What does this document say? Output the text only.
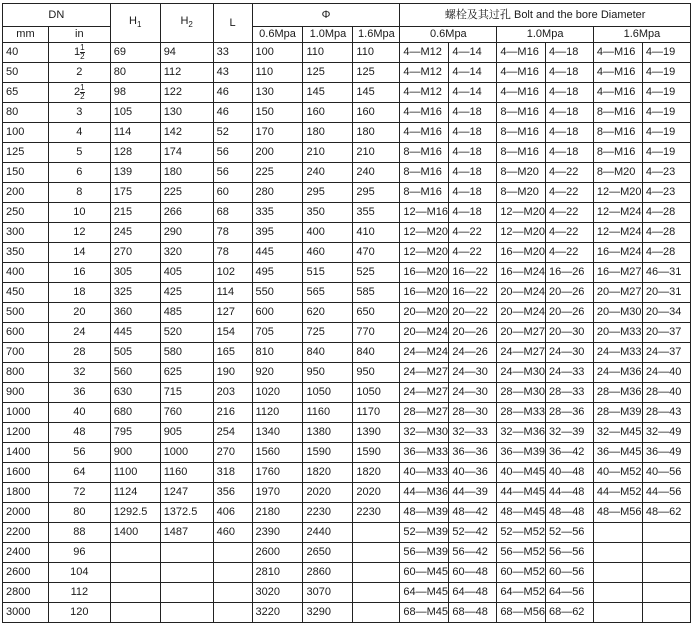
DN		$H_1$	$H_2$	L	Φ			螺栓及其过孔 Bolt and the bore Diameter					
mm	in				0.6Mpa	1.0Mpa	1.6Mpa	0.6Mpa		1.0Mpa		1.6Mpa	
40	$1 \frac{1}{2}$	69	94	33	100	110	110	4—M12	4—14	4—M16	4—18	4—M16	4—19
50	2	80	112	43	110	125	125	4—M12	4—14	4—M16	4—18	4—M16	4—19
65	$2 \frac{1}{2}$	98	122	46	130	145	145	4—M12	4—14	4—M16	4—18	4—M16	4—19
80	3	105	130	46	150	160	160	4—M16	4—18	8—M16	4—18	8—M16	4—19
100	4	114	142	52	170	180	180	4—M16	4—18	8—M16	4—18	8—M16	4—19
125	5	128	174	56	200	210	210	8—M16	4—18	8—M16	4—18	8—M16	4—19
150	6	139	180	56	225	240	240	8—M16	4—18	8—M20	4—22	8—M20	4—23
200	8	175	225	60	280	295	295	8—M16	4—18	8—M20	4—22	12—M20	4—23
250	10	215	266	68	335	350	355	12—M16	4—18	12—M20	4—22	12—M24	4—28
300	12	245	290	78	395	400	410	12—M20	4—22	12—M20	4—22	12—M24	4—28
350	14	270	320	78	445	460	470	12—M20	4—22	16—M20	4—22	16—M24	4—28
400	16	305	405	102	495	515	525	16—M20	16—22	16—M24	16—26	16—M27	46—31
450	18	325	425	114	550	565	585	16—M20	16—22	20—M24	20—26	20—M27	20—31
500	20	360	485	127	600	620	650	20—M20	20—22	20—M24	20—26	20—M30	20—34
600	24	445	520	154	705	725	770	20—M24	20—26	20—M27	20—30	20—M33	20—37
700	28	505	580	165	810	840	840	24—M24	24—26	24—M27	24—30	24—M33	24—37
800	32	560	625	190	920	950	950	24—M27	24—30	24—M30	24—33	24—M36	24—40
900	36	630	715	203	1020	1050	1050	24—M27	24—30	28—M30	28—33	28—M36	28—40
1000	40	680	760	216	1120	1160	1170	28—M27	28—30	28—M33	28—36	28—M39	28—43
1200	48	795	905	254	1340	1380	1390	32—M30	32—33	32—M36	32—39	32—M45	32—49
1400	56	900	1000	270	1560	1590	1590	36—M33	36—36	36—M39	36—42	36—M45	36—49
1600	64	1100	1160	318	1760	1820	1820	40—M33	40—36	40—M45	40—48	40—M52	40—56
1800	72	1124	1247	356	1970	2020	2020	44—M36	44—39	44—M45	44—48	44—M52	44—56
2000	80	1292.5	1372.5	406	2180	2230	2230	48—M39	48—42	48—M45	48—48	48—M56	48—62
2200	88	1400	1487	460	2390	2440		52—M39	52—42	52—M52	52—56		
2400	96				2600	2650		56—M39	56—42	56—M52	56—56		
2600	104				2810	2860		60—M45	60—48	60—M52	60—56		
2800	112				3020	3070		64—M45	64—48	64—M52	64—56		
3000	120				3220	3290		68—M45	68—48	68—M56	68—62		
